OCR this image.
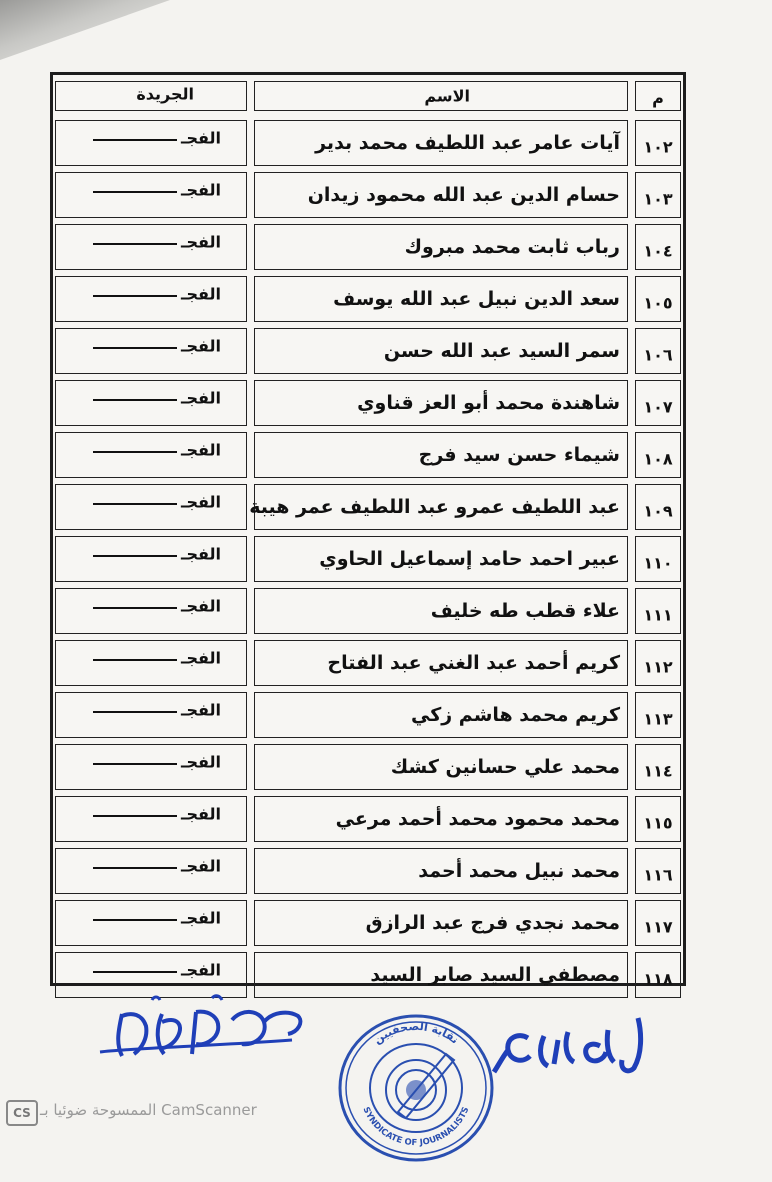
م
الاسم
الجريدة
١٠٢
آيات عامر عبد اللطيف محمد بدير
الفجـ
١٠٣
حسام الدين عبد الله محمود زيدان
الفجـ
١٠٤
رباب ثابت محمد مبروك
الفجـ
١٠٥
سعد الدين نبيل عبد الله يوسف
الفجـ
١٠٦
سمر السيد عبد الله حسن
الفجـ
١٠٧
شاهندة محمد أبو العز قناوي
الفجـ
١٠٨
شيماء حسن سيد فرج
الفجـ
١٠٩
عبد اللطيف عمرو عبد اللطيف عمر هيبة
الفجـ
١١٠
عبير احمد حامد إسماعيل الحاوي
الفجـ
١١١
علاء قطب طه خليف
الفجـ
١١٢
كريم أحمد عبد الغني عبد الفتاح
الفجـ
١١٣
كريم محمد هاشم زكي
الفجـ
١١٤
محمد علي حسانين كشك
الفجـ
١١٥
محمد محمود محمد أحمد مرعي
الفجـ
١١٦
محمد نبيل محمد أحمد
الفجـ
١١٧
محمد نجدي فرج عبد الرازق
الفجـ
١١٨
مصطفي السيد صابر السيد
الفجـ
نقابة الصحفيين
SYNDICATE OF JOURNALISTS
CS الممسوحة ضوئيا بـ CamScanner
